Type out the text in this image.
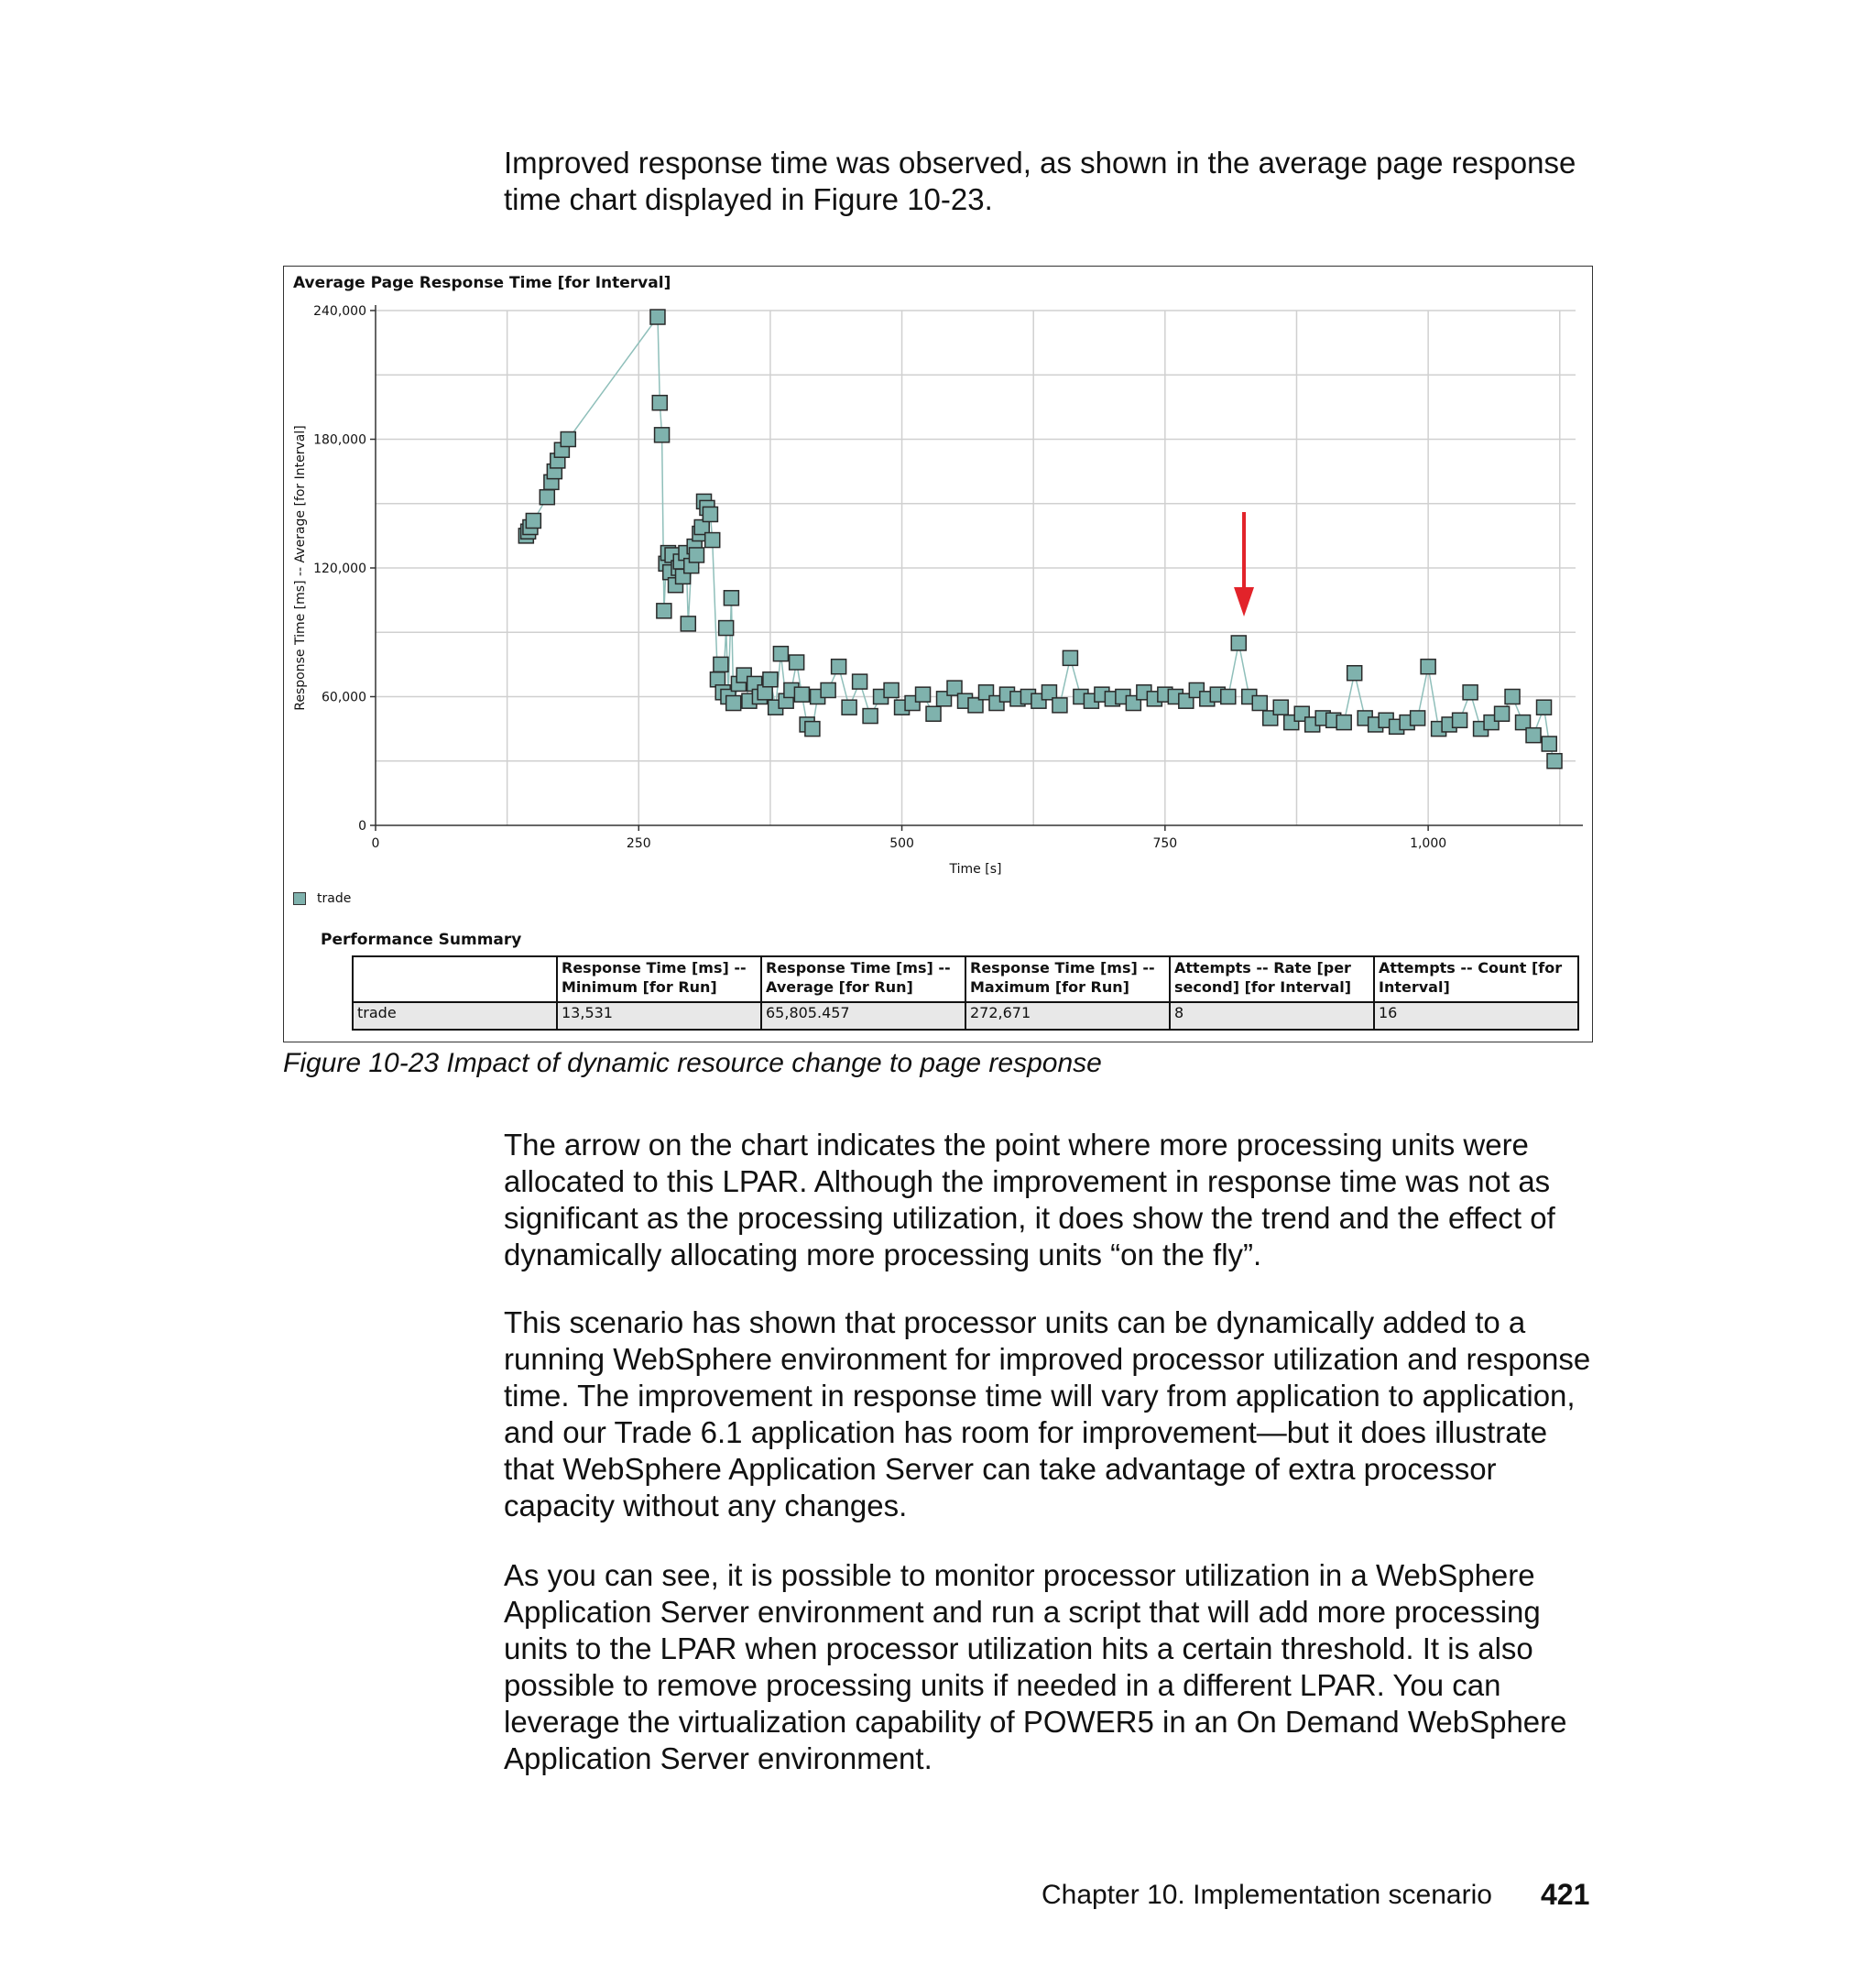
Improved response time was observed, as shown in the average page response time chart displayed in Figure 10-23.

0	250	500	750	1,000
0
60,000
120,000
180,000
240,000
Time [s]
Response Time [ms] -- Average [for Interval]
Average Page Response Time [for Interval]
trade
Performance Summary
	Response Time [ms] -- Minimum [for Run]	Response Time [ms] -- Average [for Run]	Response Time [ms] -- Maximum [for Run]	Attempts -- Rate [per second] [for Interval]	Attempts -- Count [for Interval]
trade	13,531	65,805.457	272,671	8	16
Figure 10-23 Impact of dynamic resource change to page response

The arrow on the chart indicates the point where more processing units were allocated to this LPAR. Although the improvement in response time was not as significant as the processing utilization, it does show the trend and the effect of dynamically allocating more processing units “on the fly”.

This scenario has shown that processor units can be dynamically added to a running WebSphere environment for improved processor utilization and response time. The improvement in response time will vary from application to application, and our Trade 6.1 application has room for improvement—but it does illustrate that WebSphere Application Server can take advantage of extra processor capacity without any changes.

As you can see, it is possible to monitor processor utilization in a WebSphere Application Server environment and run a script that will add more processing units to the LPAR when processor utilization hits a certain threshold. It is also possible to remove processing units if needed in a different LPAR. You can leverage the virtualization capability of POWER5 in an On Demand WebSphere Application Server environment.

Chapter 10. Implementation scenario 421
